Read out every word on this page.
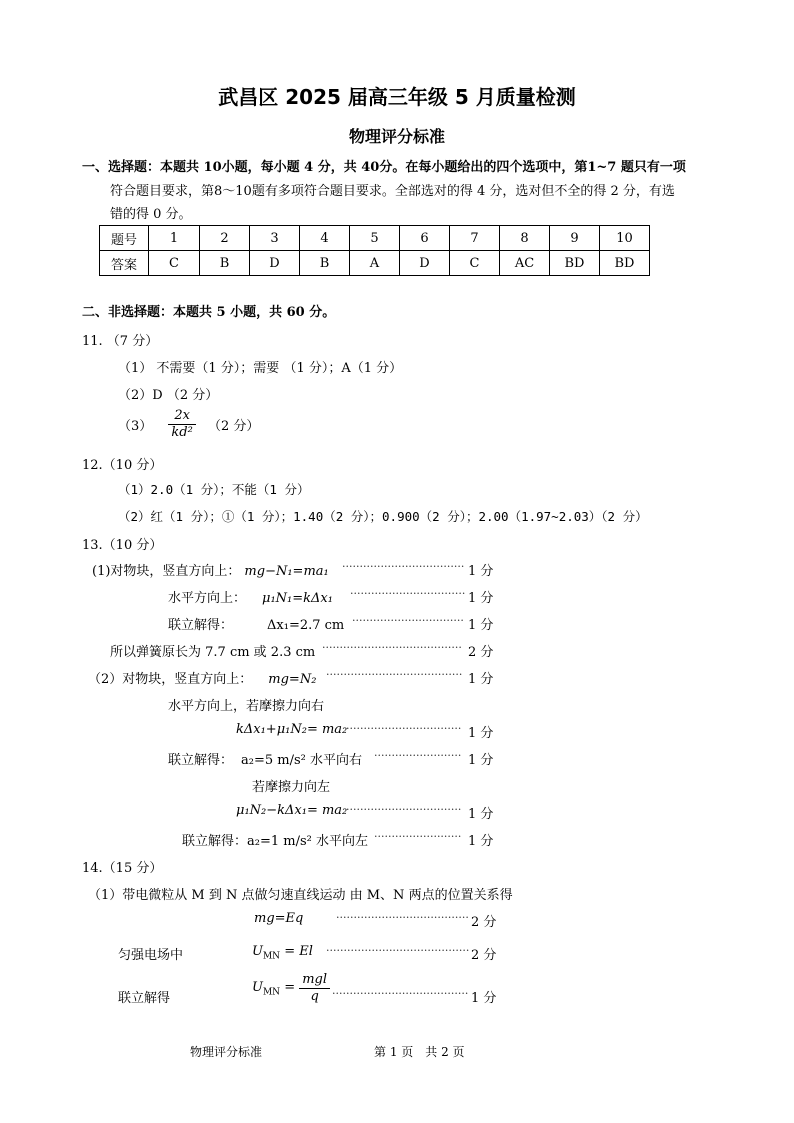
武昌区 2025 届高三年级 5 月质量检测
物理评分标准
一、选择题：本题共 10小题，每小题 4 分，共 40分。在每小题给出的四个选项中，第1~7 题只有一项
符合题目要求，第8～10题有多项符合题目要求。全部选对的得 4 分，选对但不全的得 2 分，有选
错的得 0 分。
题号	1	2	3	4	5	6	7	8	9	10
答案	C	B	D	B	A	D	C	AC	BD	BD
二、非选择题：本题共 5 小题，共 60 分。
11. （7 分）
（1） 不需要（1 分）；需要 （1 分）；A（1 分）
（2）D （2 分）
$(3) \frac{2x}{\text{kd²}} (2$ 分）
12.（10 分）
（1）2.0（1 分）；不能（1 分）
（2）红（1 分）；①（1 分）；1.40（2 分）；0.900（2 分）；2.00（1.97~2.03）（2 分）
13.（10 分）
(1)对物块，竖直方向上： mg−N₁=ma₁ ··································· 1 分
水平方向上： μ₁N₁=kΔx₁ ································· 1 分
联立解得：	Δx₁=2.7 cm ································ 1 分
所以弹簧原长为 7.7 cm 或 2.3 cm ········································ 2 分
（2）对物块，竖直方向上： mg=N₂ ······································· 1 分
水平方向上，若摩擦力向右
kΔx₁+μ₁N₂= ma₂
································· 1 分
联立解得： a₂=5 m/s² 水平向右 ························· 1 分
若摩擦力向左
μ₁N₂−kΔx₁= ma₂
································· 1 分
联立解得：a₂=1 m/s² 水平向左 ························· 1 分
14.（15 分）
（1）带电微粒从 M 到 N 点做匀速直线运动 由 M、N 两点的位置关系得
mg=Eq	······································ 2 分
匀强电场中	$U_{MN} = El$ ········································· 2 分
联立解得
$U_{MN} = \frac{\text{mgl}}{q}$ ······································· 1 分
物理评分标准	第 1 页　共 2 页
